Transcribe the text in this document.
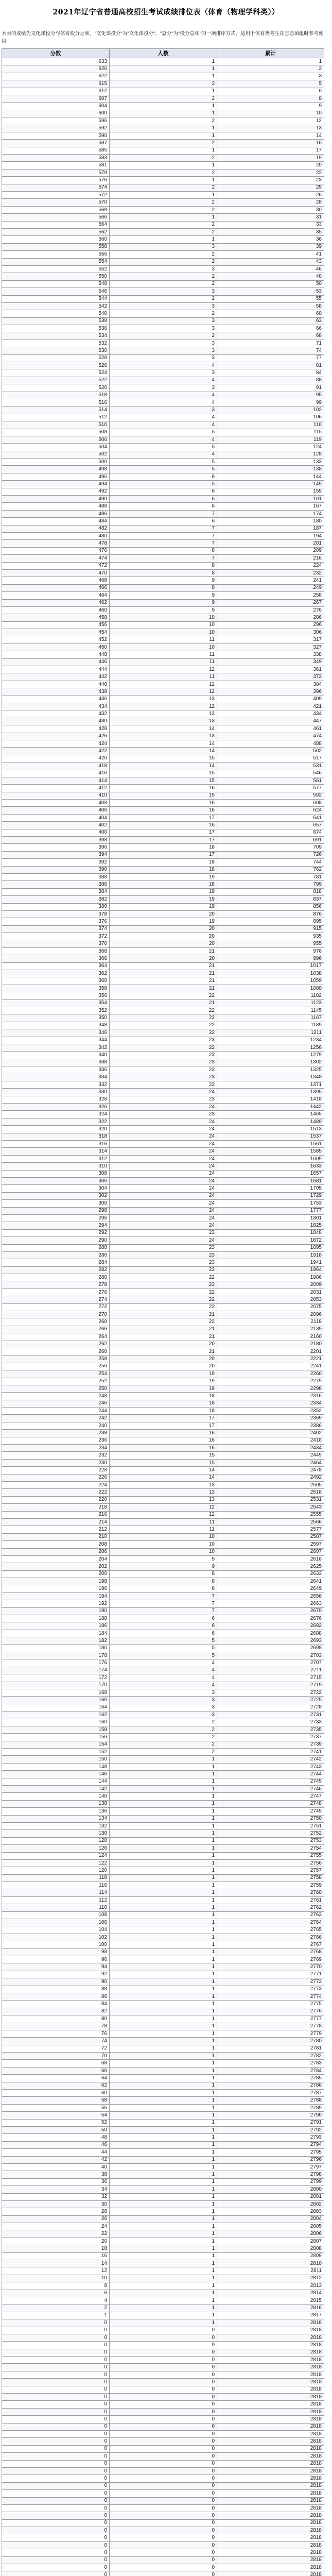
2021年辽宁省普通高校招生考试成绩排位表（体育（物理学科类））
本表的成绩为文化课投分与体育投分之和。"文化课投分"为"文化课投分"，"总分"为"投分总和"的一项排序方式，适用于体育类考生在志愿填报时参考使用。
分数	人数	累计
633	1	1
626	1	2
622	1	3
615	2	5
612	1	6
607	2	8
604	1	9
600	1	10
596	2	12
592	1	13
590	1	14
587	2	16
585	1	17
583	2	19
581	1	20
579	2	22
576	1	23
574	2	25
572	1	26
570	2	28
568	2	30
566	1	31
564	2	33
562	2	35
560	1	36
558	3	39
556	2	41
554	2	43
552	3	46
550	2	48
548	2	50
546	3	53
544	2	55
542	3	58
540	2	60
538	3	63
536	3	66
534	2	68
532	3	71
530	3	74
528	3	77
526	4	81
524	3	84
522	4	88
520	3	91
518	4	95
516	4	99
514	3	102
512	4	106
510	4	110
508	5	115
506	4	119
504	5	124
502	4	128
500	5	133
498	5	138
496	6	144
494	5	149
492	6	155
490	6	161
488	6	167
486	7	174
484	6	180
482	7	187
480	7	194
478	7	201
476	8	209
474	7	216
472	8	224
470	8	232
468	9	241
466	8	249
464	9	258
462	9	267
460	9	276
458	10	286
456	10	296
454	10	306
452	11	317
450	10	327
448	11	338
446	11	349
444	12	361
442	11	372
440	12	384
438	12	396
436	13	409
434	12	421
432	13	434
430	13	447
428	14	461
426	13	474
424	14	488
422	14	502
420	15	517
418	14	531
416	15	546
414	15	561
412	16	577
410	15	592
408	16	608
406	16	624
404	17	641
402	16	657
400	17	674
398	17	691
396	18	709
394	17	726
392	18	744
390	18	762
388	19	781
386	18	799
384	19	818
382	19	837
380	19	856
378	20	876
376	19	895
374	20	915
372	20	935
370	20	955
368	21	976
366	20	996
364	21	1017
362	21	1038
360	21	1059
358	21	1080
356	22	1102
354	21	1123
352	22	1145
350	22	1167
348	22	1189
346	22	1211
344	23	1234
342	22	1256
340	23	1279
338	23	1302
336	23	1325
334	23	1348
332	23	1371
330	24	1395
328	23	1418
326	24	1442
324	23	1465
322	24	1489
320	24	1513
318	24	1537
316	24	1561
314	24	1585
312	24	1609
310	24	1633
308	24	1657
306	24	1681
304	24	1705
302	24	1729
300	24	1753
298	24	1777
296	24	1801
294	24	1825
292	23	1848
290	24	1872
288	23	1895
286	23	1918
284	23	1941
282	23	1964
280	22	1986
278	23	2009
276	22	2031
274	22	2053
272	22	2075
270	21	2096
268	22	2118
266	21	2139
264	21	2160
262	20	2180
260	21	2201
258	20	2221
256	20	2241
254	19	2260
252	19	2279
250	19	2298
248	18	2316
246	18	2334
244	18	2352
242	17	2369
240	17	2386
238	16	2402
236	16	2418
234	16	2434
232	15	2449
230	15	2464
228	14	2478
226	14	2492
224	13	2505
222	13	2518
220	13	2531
218	12	2543
216	12	2555
214	11	2566
212	11	2577
210	10	2587
208	10	2597
206	10	2607
204	9	2616
202	9	2625
200	8	2633
198	8	2641
196	8	2649
194	7	2656
192	7	2663
190	7	2670
188	6	2676
186	6	2682
184	6	2688
182	5	2693
180	5	2698
178	5	2703
176	4	2707
174	4	2711
172	4	2715
170	4	2719
168	3	2722
166	3	2725
164	3	2728
162	3	2731
160	2	2733
158	2	2735
156	2	2737
154	2	2739
152	2	2741
150	1	2742
148	1	2743
146	1	2744
144	1	2745
142	1	2746
140	1	2747
138	1	2748
136	1	2749
134	1	2750
132	1	2751
130	1	2752
128	1	2753
126	1	2754
124	1	2755
122	1	2756
120	1	2757
118	1	2758
116	1	2759
114	1	2760
112	1	2761
110	1	2762
108	1	2763
106	1	2764
104	1	2765
102	1	2766
100	1	2767
98	1	2768
96	1	2769
94	1	2770
92	1	2771
90	1	2772
88	1	2773
86	1	2774
84	1	2775
82	1	2776
80	1	2777
78	1	2778
76	1	2779
74	1	2780
72	1	2781
70	1	2782
68	1	2783
66	1	2784
64	1	2785
62	1	2786
60	1	2787
58	1	2788
56	1	2789
54	1	2790
52	1	2791
50	1	2792
48	1	2793
46	1	2794
44	1	2795
42	1	2796
40	1	2797
38	1	2798
36	1	2799
34	1	2800
32	1	2801
30	1	2802
28	1	2803
26	1	2804
24	1	2805
22	1	2806
20	1	2807
18	1	2808
16	1	2809
14	1	2810
12	1	2811
10	1	2812
8	1	2813
6	1	2814
4	1	2815
2	1	2816
1	1	2817
0	1	2818
0	0	2818
0	0	2818
0	0	2818
0	0	2818
0	0	2818
0	0	2818
0	0	2818
0	0	2818
0	0	2818
0	0	2818
0	0	2818
0	0	2818
0	0	2818
0	0	2818
0	0	2818
0	0	2818
0	0	2818
0	0	2818
0	0	2818
0	0	2818
0	0	2818
0	0	2818
0	0	2818
0	0	2818
0	0	2818
0	0	2818
0	0	2818
0	0	2818
0	0	2818
0	0	2818
0	0	2818
0	0	2818
0	0	2818
0	0	2818
